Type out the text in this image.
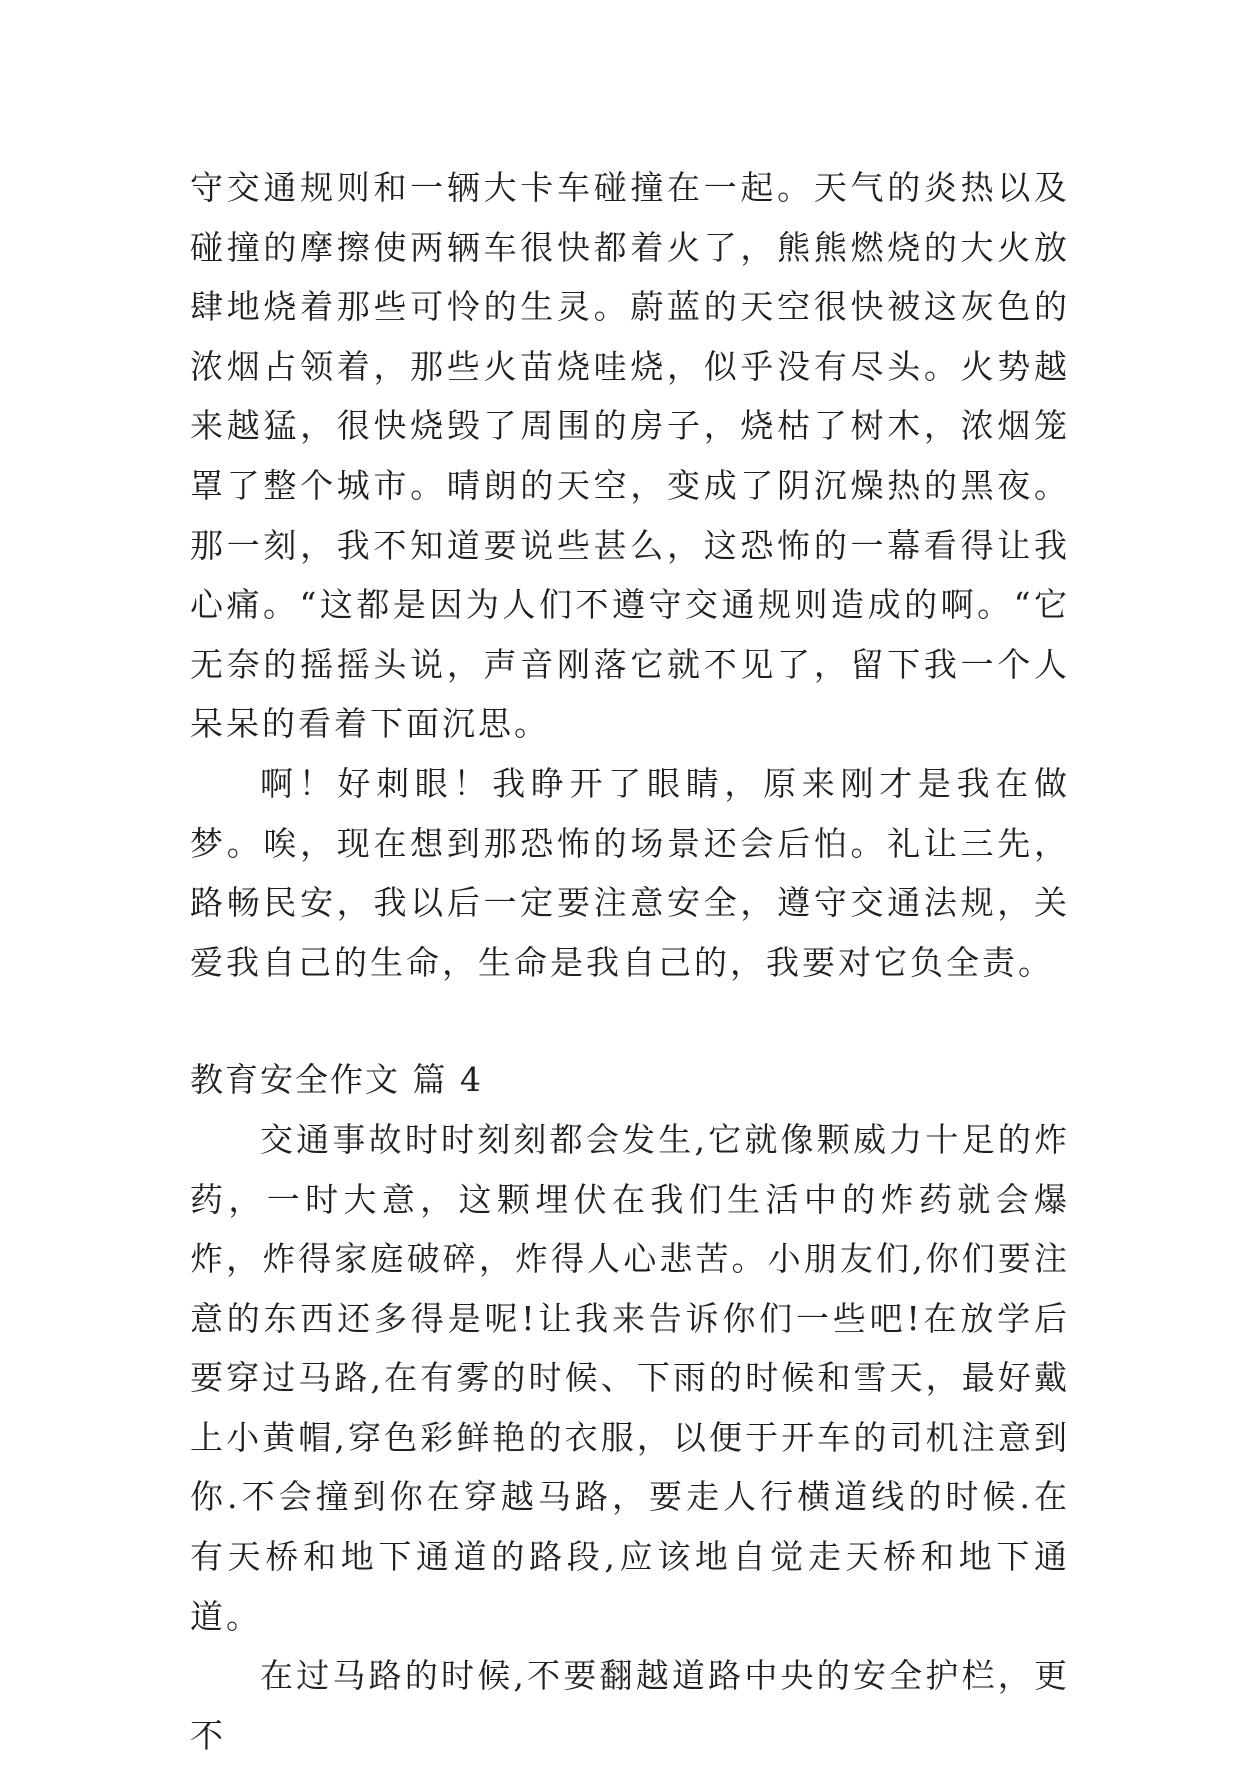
守交通规则和一辆大卡车碰撞在一起。天气的炎热以及碰撞的摩擦使两辆车很快都着火了，熊熊燃烧的大火放肆地烧着那些可怜的生灵。蔚蓝的天空很快被这灰色的浓烟占领着，那些火苗烧哇烧，似乎没有尽头。火势越来越猛，很快烧毁了周围的房子，烧枯了树木，浓烟笼罩了整个城市。晴朗的天空，变成了阴沉燥热的黑夜。那一刻，我不知道要说些甚么，这恐怖的一幕看得让我心痛。“这都是因为人们不遵守交通规则造成的啊。“它无奈的摇摇头说，声音刚落它就不见了，留下我一个人呆呆的看着下面沉思。

啊！好刺眼！我睁开了眼睛，原来刚才是我在做梦。唉，现在想到那恐怖的场景还会后怕。礼让三先，路畅民安，我以后一定要注意安全，遵守交通法规，关爱我自己的生命，生命是我自己的，我要对它负全责。

教育安全作文 篇 4

交通事故时时刻刻都会发生,它就像颗威力十足的炸药，一时大意，这颗埋伏在我们生活中的炸药就会爆炸，炸得家庭破碎，炸得人心悲苦。小朋友们,你们要注意的东西还多得是呢!让我来告诉你们一些吧!在放学后要穿过马路,在有雾的时候、下雨的时候和雪天，最好戴上小黄帽,穿色彩鲜艳的衣服，以便于开车的司机注意到你.不会撞到你在穿越马路，要走人行横道线的时候.在有天桥和地下通道的路段,应该地自觉走天桥和地下通道。

在过马路的时候,不要翻越道路中央的安全护栏，更不
